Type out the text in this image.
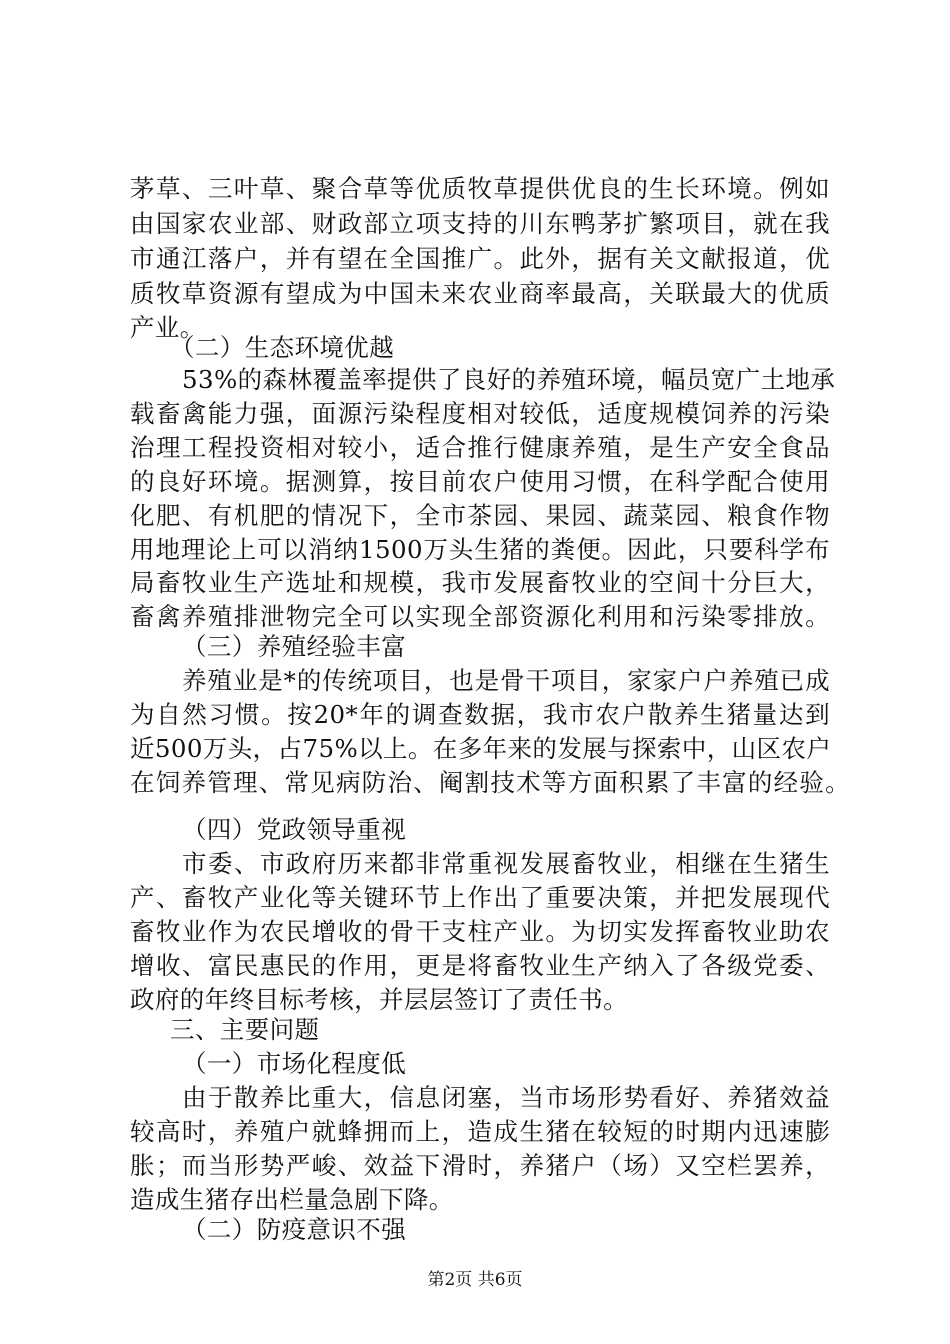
茅草、三叶草、聚合草等优质牧草提供优良的生长环境。例如
由国家农业部、财政部立项支持的川东鸭茅扩繁项目，就在我
市通江落户，并有望在全国推广。此外，据有关文献报道，优
质牧草资源有望成为中国未来农业商率最高，关联最大的优质
产业。
（二）生态环境优越
53%的森林覆盖率提供了良好的养殖环境，幅员宽广土地承
载畜禽能力强，面源污染程度相对较低，适度规模饲养的污染
治理工程投资相对较小，适合推行健康养殖，是生产安全食品
的良好环境。据测算，按目前农户使用习惯，在科学配合使用
化肥、有机肥的情况下，全市茶园、果园、蔬菜园、粮食作物
用地理论上可以消纳1500万头生猪的粪便。因此，只要科学布
局畜牧业生产选址和规模，我市发展畜牧业的空间十分巨大，
畜禽养殖排泄物完全可以实现全部资源化利用和污染零排放。
（三）养殖经验丰富
养殖业是*的传统项目，也是骨干项目，家家户户养殖已成
为自然习惯。按20*年的调查数据，我市农户散养生猪量达到
近500万头，占75%以上。在多年来的发展与探索中，山区农户
在饲养管理、常见病防治、阉割技术等方面积累了丰富的经验。
（四）党政领导重视
市委、市政府历来都非常重视发展畜牧业，相继在生猪生
产、畜牧产业化等关键环节上作出了重要决策，并把发展现代
畜牧业作为农民增收的骨干支柱产业。为切实发挥畜牧业助农
增收、富民惠民的作用，更是将畜牧业生产纳入了各级党委、
政府的年终目标考核，并层层签订了责任书。
三、主要问题
（一）市场化程度低
由于散养比重大，信息闭塞，当市场形势看好、养猪效益
较高时，养殖户就蜂拥而上，造成生猪在较短的时期内迅速膨
胀；而当形势严峻、效益下滑时，养猪户（场）又空栏罢养，
造成生猪存出栏量急剧下降。
（二）防疫意识不强
第2页 共6页
